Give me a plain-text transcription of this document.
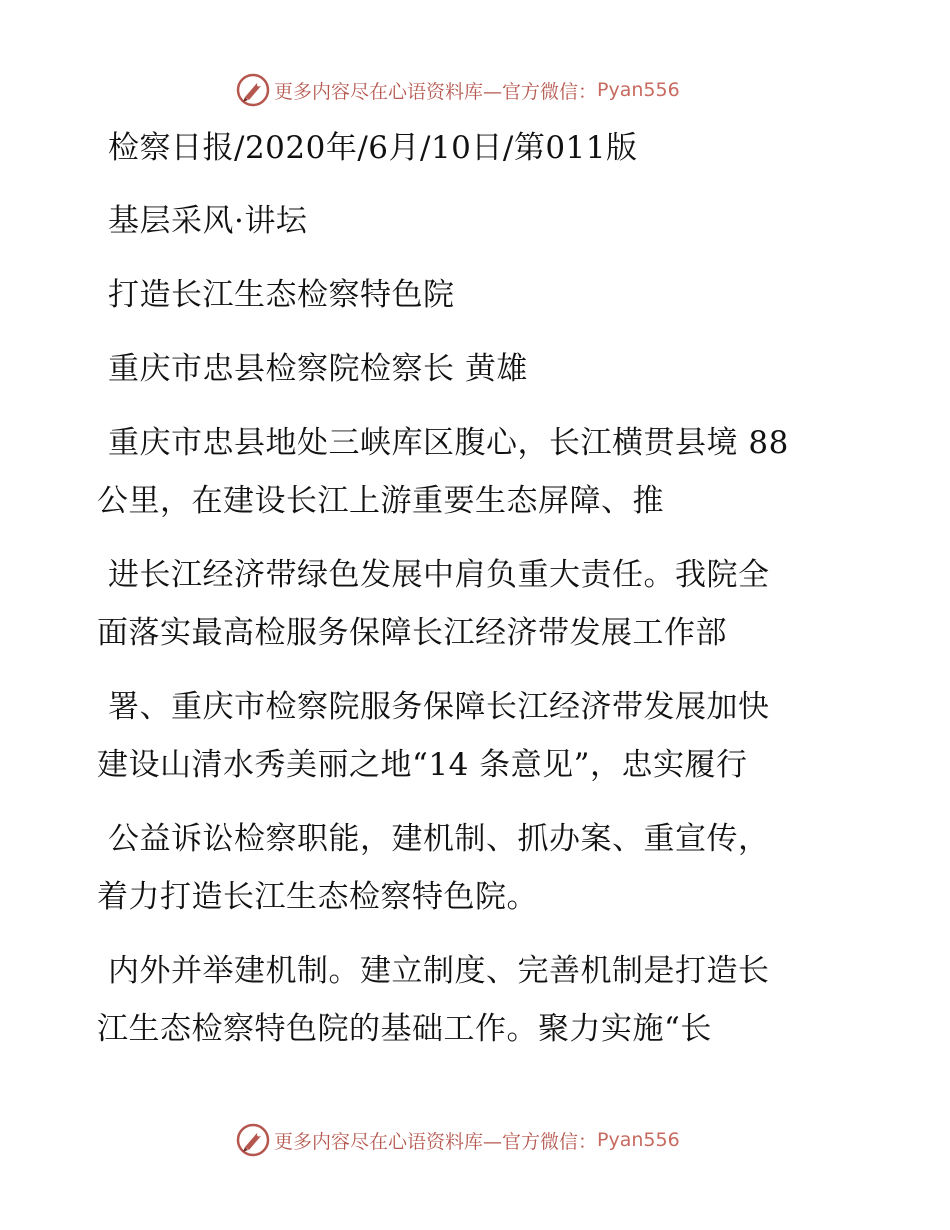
更多内容尽在心语资料库—官方微信： Pyan556
检察日报/2020年/6月/10日/第011版
基层采风·讲坛
打造长江生态检察特色院
重庆市忠县检察院检察长 黄雄
重庆市忠县地处三峡库区腹心，长江横贯县境 88
公里，在建设长江上游重要生态屏障、推
进长江经济带绿色发展中肩负重大责任。我院全
面落实最高检服务保障长江经济带发展工作部
署、重庆市检察院服务保障长江经济带发展加快
建设山清水秀美丽之地“14 条意见”，忠实履行
公益诉讼检察职能，建机制、抓办案、重宣传，
着力打造长江生态检察特色院。
内外并举建机制。建立制度、完善机制是打造长
江生态检察特色院的基础工作。聚力实施“长
更多内容尽在心语资料库—官方微信： Pyan556
